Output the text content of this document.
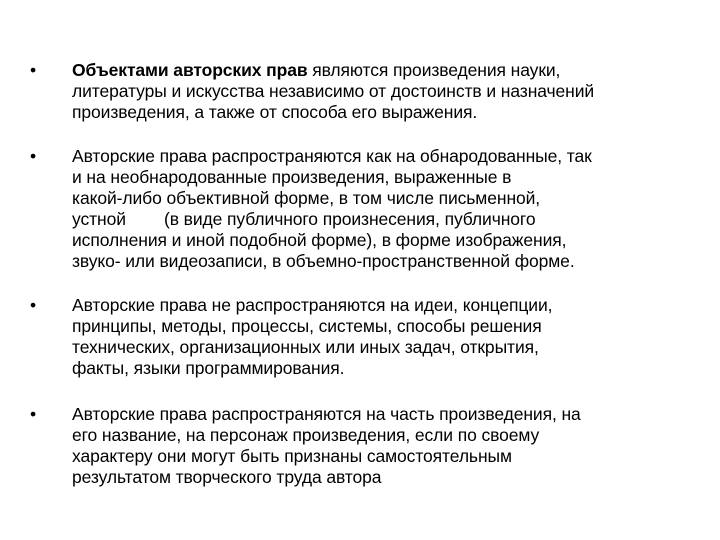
•	Объектами авторских прав являются произведения науки,
литературы и искусства независимо от достоинств и назначений
произведения, а также от способа его выражения.
•	Авторские права распространяются как на обнародованные, так
и на необнародованные произведения, выраженные в
какой-либо объективной форме, в том числе письменной,
устной        (в виде публичного произнесения, публичного
исполнения и иной подобной форме), в форме изображения,
звуко- или видеозаписи, в объемно-пространственной форме.
•	Авторские права не распространяются на идеи, концепции,
принципы, методы, процессы, системы, способы решения
технических, организационных или иных задач, открытия,
факты, языки программирования.
•	Авторские права распространяются на часть произведения, на
его название, на персонаж произведения, если по своему
характеру они могут быть признаны самостоятельным
результатом творческого труда автора
